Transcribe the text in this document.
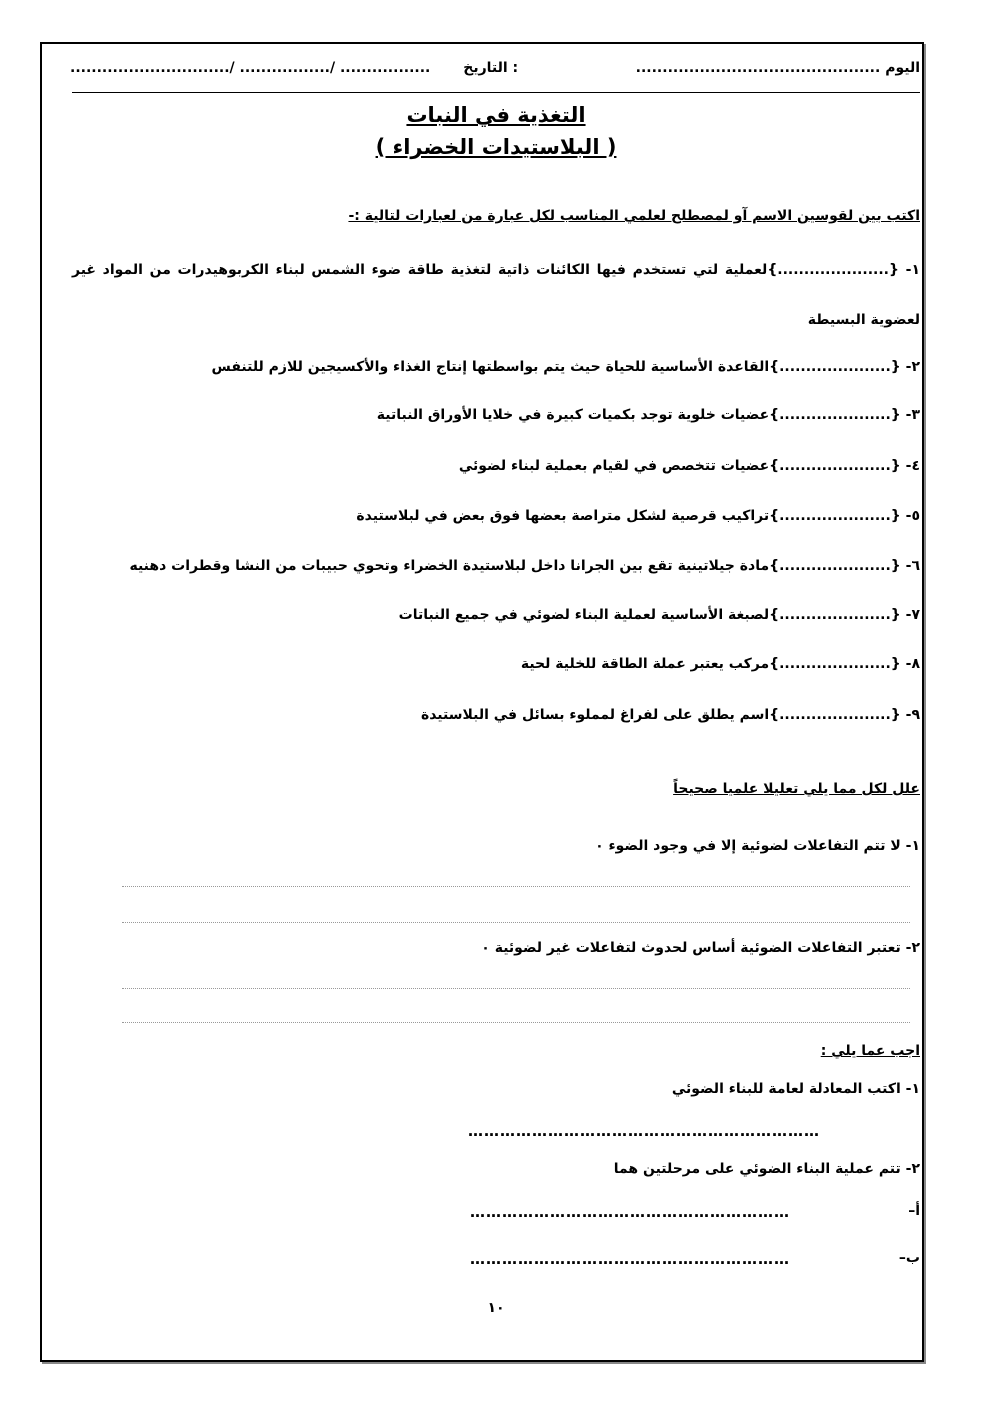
اليوم ..............................................
............................../ ................./ ................. التاريخ :
التغذية في النبات
( البلاستيدات الخضراء )
اكتب بين لقوسين الاسم آو لمصطلح لعلمي المناسب لكل عبارة من لعبارات لتالية :-
١- {.....................}لعملية لتي تستخدم فيها الكائنات ذاتية لتغذية طاقة ضوء الشمس لبناء الكربوهيدرات من المواد غير
لعضوية البسيطة
٢- {.....................}القاعدة الأساسية للحياة حيث يتم بواسطتها إنتاج الغذاء والأكسيجين للازم للتنفس
٣- {.....................}عضيات خلوية توجد بكميات كبيرة في خلايا الأوراق النباتية
٤- {.....................}عضيات تتخصص في لقيام بعملية لبناء لضوئي
٥- {.....................}تراكيب قرصية لشكل متراصة بعضها فوق بعض في لبلاستيدة
٦- {.....................}مادة جيلاتينية تقع بين الجرانا داخل لبلاستيدة الخضراء وتحوي حبيبات من النشا وقطرات دهنيه
٧- {.....................}لصبغة الأساسية لعملية البناء لضوئي في جميع النباتات
٨- {.....................}مركب يعتبر عملة الطاقة للخلية لحية
٩- {.....................}اسم يطلق على لفراغ لمملوء بسائل في البلاستيدة
علل لكل مما يلي تعليلا علميا صحيحاً
١- لا تتم التفاعلات لضوئية إلا في وجود الضوء ٠
٢- تعتبر التفاعلات الضوئية أساس لحدوث لتفاعلات غير لضوئية ٠
اجب عما يلي :
١- اكتب المعادلة لعامة للبناء الضوئي
…………………………………………………………
٢- تتم عملية البناء الضوئي على مرحلتين هما
أ–
……………………………………………………
ب–
……………………………………………………
١٠
